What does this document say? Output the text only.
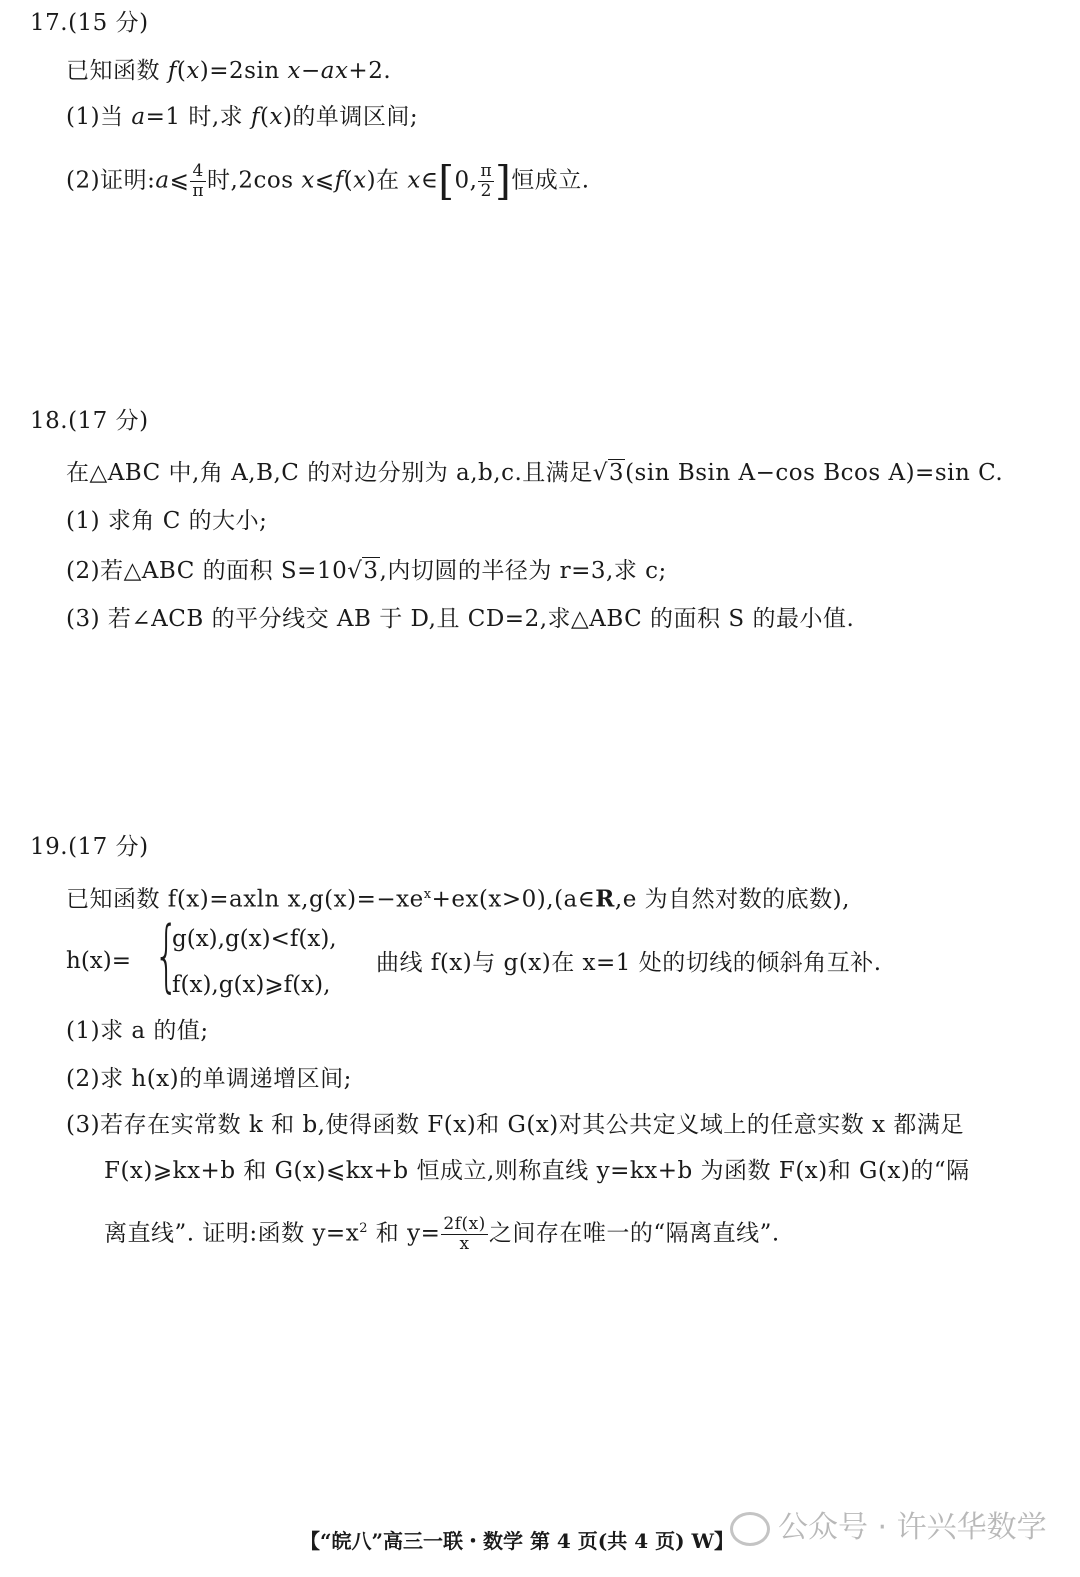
17.(15 分)
已知函数 f(x)=2sin x−ax+2.
(1)当 a=1 时,求 f(x)的单调区间;
(2)证明:a⩽ $\frac{4}{\pi}$ 时,2cos x⩽f(x)在 x∈[0, $\frac{\pi}{2}$ ]恒成立.
18.(17 分)
在△ABC 中,角 A,B,C 的对边分别为 a,b,c.且满足√3(sin Bsin A−cos Bcos A)=sin C.
(1) 求角 C 的大小;
(2)若△ABC 的面积 S=10√3,内切圆的半径为 r=3,求 c;
(3) 若∠ACB 的平分线交 AB 于 D,且 CD=2,求△ABC 的面积 S 的最小值.
19.(17 分)
已知函数 f(x)=axln $x,g(x)=-xe^x+ex(x>0),(a\in R,e$ 为自然对数的底数),
h(x)= {
g(x),g(x)<f(x),
f(x),g(x)⩾f(x),
曲线 f(x)与 g(x)在 x=1 处的切线的倾斜角互补.
(1)求 a 的值;
(2)求 h(x)的单调递增区间;
(3)若存在实常数 k 和 b,使得函数 F(x)和 G(x)对其公共定义域上的任意实数 x 都满足
F(x)⩾kx+b 和 G(x)⩽kx+b 恒成立,则称直线 y=kx+b 为函数 F(x)和 G(x)的“隔
离直线”. 证明:函数 $y=x^2$ 和 $y= \frac{2f(x)}{x}$ 之间存在唯一的“隔离直线”.
公众号 · 许兴华数学
【“皖八”高三一联・数学 第 4 页(共 4 页) W】
